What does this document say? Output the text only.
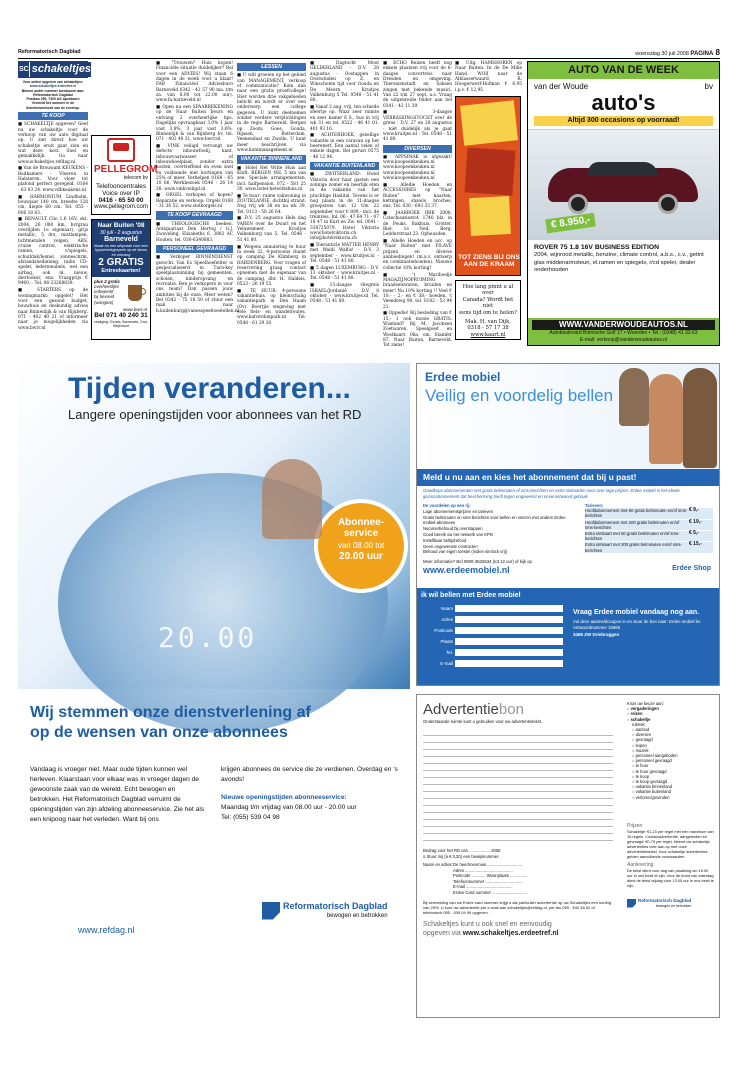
Reformatorisch Dagblad	woensdag 30 juli 2008 PAGINA 8
SC schakeltjes
Voor online opgeven van schakeltjes:
www.schakeltjes.erdeetref.nl
Binnen onder nummer toestuuren aan:
Reformatorisch Dagblad
Postbus 290, 7300 AG Apeldoorn
Vermeld het nummer in de linkerbovenhoek van de envelop.
TE KOOP

■ SCHAKELTJE opgeven? Geef nu uw schakeltje voor de verkoop van uw auto digitaal op. U ziet direct hoe uw schakeltje eruit gaat zien en wat deze kost. Snel en gemakkelijk. Ga naar www.schakeltjes.refdag.nl

■ Van de Brouwant KEUKENS - Badkamers - Vloeren in Halsteren. Voor vloer tot plafond perfect geregeld. 0164 - 63 03 24. www.vdbkeukens.nl

■ HARMONIUM Lindholm, bouwjaar 140 cm, breedte 128 cm, diepte 60 cm. Tel. 055 - 606 18 83.

■ RENAULT Clio 1.6 16V, okt. 2004, 26 000 km, bvrgrau overlijden 1e eigenaar), grijs metallic, 5 drs, mistlampen, lichtmetalen velgen, ABS, cruise control, elektrische ramen, v/spiegels, schuifdak/hemel, zonneschrm, afstandsbediening, radio CD-speler, ledermeubels, wel een airbag, ook nl. nieuw, dierlooker, enz. Vraagprijs € 9400,-. Tel. 06-23268639.

■ STARTERS op de woningmarkt: opgelet! Het voor een gezond budget, bouwhuis en deskundig advies naar Binnenlijk & van Rijnberg. 071 - 402 40 21 of informeer naar je mogelijkheden via www.bwrr.nl

PELLEGROM
telecom bv
Telefooncentrales
Voice over IP
0416 - 65 50 00
www.pellegrom.com
Naar Buiten '08
30 juli - 2 augustus
Barneveld
Maak nu een afspraak voor een hypotheekgesprek op de beurs en ontvang
2 GRATIS
Entreekaarten!
plus 2 gratis
overheerlijke
onbeperkt
bij bevreid
(wongea!)
www.bwrr.nl
Bel 071 40 240 31
vestiging: Gouda, Barneveld, Oud-Beijerland

■ "Trouwen? Huis kopen! Financiële situatie duidelijker? Bel voor een ADVIES! Wij staan 6 dagen in de week voor u klaar! FAB Financiëel Adviesburo Barneveld 0342 - 42 57 90 ma. t/m za. van 8.00 tot 22.00 uur). www.fa-barneveld.nl

■ Open nu een SPAARREKENING op de Naar Buiten beurs en ontvang 2 overheerlijke tips. Dagelijks opvraagbaar 3,0% 1 jaar vast 3,8%, 3 jaar vast 3,6%. Binnenlijk & van Rijnberg bv, tel. 071 - 402 40 31, www.bwrr.nl

■ VINK veiligd vervangt uw defecte inbouwfoelij, kant, inbouwvaatwasser of inbouwkoelplaat, zonder extra kosten, overtreffend en even snel en voldoende met kortingen van 25% of meer. Verhelpen 0168 - 65 10 66, Werkbezoek 0546 - 26 14 38. www.vinkveiligd.nl

■ ORGEL verkopen of kopen? Reparatie en verkoop: Orgels 0168 - 31 36 52. www.stolkorgels.nl

TE KOOP GEVRAAGD

■ THEOLOGISCHE boeken. Antiquariaat Den Hertog / G.J. Zwaveling, Elisabeths 6, 3882 AC Houten, tel. 030-6340883.

PERSONEEL GEVRAAGD

■ Verkoper BINNENDIENST gezocht. Van Es Speelhoefeliter is gespecialiseerd in Turn-key speelplaatsinning bij gemeenten, scholen, kinderopvang en recreatie. Ben je verkopers in voor ons team? Dan passen jouw ambities bij de onze. Meer weten? Bel 0342 - 75 18 50 of stuur een mail naar h.kuilenburg@vanesspeeltoestellen.nl

LESSEN

■ U wilt groeien op het gebied van MANAGEMENT, verkoop of communicatie? Kom dan naar een gratis proefcollege! Hier worden drie vakgebieden belicht en wordt er over een onderwerp een college gegeven. U kunt deelnemen zonder verdere verplichtingen in de regio Barneveld, Bergen op Zoom, Goes, Gouda, Rijssen, Rotterdam, Veenendaal en Zwolle. U kunt meer beschrijven via www.kuntmanagement.nl

VAKANTIE BINNENLAND

■ Hotel Het Witte Huis aan Kluft, BERGEN NH. 5 km van zee. Speciale arrangementen, incl. halfpension, 072 - 581 25 30. www.hotel-hetwittehuis.nl

■ Te huur: ruime vakwoning in ZOUTKLANDE, dichtbij strand. Nog vrij wk 38 en na wk 39. Tel. 0113 - 58 26 64.

■ D.V. 25 augustus Hele dag VAREN over de Dwarl en het Veluwemeer. Kruitjes Valkenburg van 5. Tel. 0546 - 51 41 80.

■ Wegens annulering te huur in week 32, 4-persoons chalet op camping De Klimberg in HARDENBERG. Voor vragen of reservering graag contact opnemen met de eigenaar van de camping, dhr. H. Haldeis, 0523 - 26 19 55.

■ TE HUUR: 4-persoons vakantiehuis, op kleinschalig vakantiepark in Den Haam (Ov). Boertjie omgeving met vele fiets- en wandelroutes. www.kalverdonpark.nl Tel. 0548 - 61 29 30

■ Dagtocht Moot GELDERLAND - D.V. 28 augustus - Oostappen in Oostwinden op Z. en Winschoten tijd voor Gouda en De Meern - Kruitjes Valkenburg 5 Tel. 0548 - 51 41 80.

■ Vanaf 3 aug. vrij, ten schiede sfeertje op. Waar zeer ruimte en zeer kamer 6 S., bus in vrij wk 31 en tel. 0522 - 46 41 01. 401 93 16.

■ ACHTERHOEK, gezellige vakantie in een caravan op het boerenerf. Een aantal velen of enkele dagen. Bel gerust 0575 - 46 12 94.

VAKANTIE BUITENLAND

■ ZWITSERLAND: Hotel Viktoria door haar gasten een zonnige zomer en heerlijk eten in de vakantie van het prachtige Haslital. Tevens is er nog plaats in de 11-daagse groepsreis van 12 t/m 22 september voor € 899,- incl. de treinreis. Inl. 06 - 47 64 71 - 07 18 47 in Kurt en Zw. tel. 0041 - 338725079. Hotel Viktoria www.hotelviktoria.ch info@hotelviktoria.ch

■ Toeranticle MATTER HENRY met Waldi Wallis! - D.V. 3 september - www.kruitjes.nl - Tel. 0548 - 51 41 80.

■ 5 dagen LUXEMBURG - D.V. 13 oktober - www.kruitjes.nl - Tel. 0548 - 51 41 80.

■ 15-daagse vliegreis ISRAEL/Jordanië - D.V. 8 oktober - www.kruitjes.nl Tel. 0548 - 51 41 80.

■ ECHO Reizen heeft nog enkele plaatsen vrij voor de 6-daagse concertreis naar Dresden en omgeving. Theresienstadt en Saksen zingen met bekende musici. Van 22 t/m 27 sept. a.s. Vraag de uitgebreide folder aan bel 0341 - 42 11 39.

■ 3-daagse VERRASSINGSTOCHT over de grens - D.V. 27 en 28 augustus - niet duidelijk als je gaat www.kruitjes.nl - Tel. 0548 - 51 41 80.

DIVERSEN

■ APPSPAAK is afgezakt! www.koopeenkeuken.nl www.koopeenkeuken.nl www.koopeenkeuken.nl www.koopeenkeuken.nl

■ Alledie Hoeden en ACCESSOIRES op "Naar Buiten" met kaarten, kettingen, shawls, broches, enz. Tel. 030 - 693 33 37.

■ JAARBOEK IBIK 2008, Catechisatiestof. 1740 blz. in de Peuks. Bakhuis, Grotter. Biet. 1e Ned. Berg. Ledderstraat 23. Opheusden.

■ Allelle Hoeden en acc. op "Naar Buiten" met FILAVE prijzen en diverse aanbiedingen! (m.u.v. ontwerp en combinatiehoeden). Nieuwe collectie 10% korting!

■ 't Mariboelje MAGAZIJNOPRUIMING braadselswaren, kruiden en meer! Nu 10% korting !! Veel € 10,- - 2,- en € 38,- hoeden. 't Veendewg 90, tel. 0182 - 53 94 21.

■ Oppedie! Bij besteding van € 15,- 1 ook mooie GRATIS. Wismind? Bij M. Jacobsen Zoetwaren, Speelgoed en Westkaart. 08a, om. Stamfer 87. Naar Buiten, Barneveld. Tot ziens!

■ Uitg. HAMSHOREN op Naar Buiten. In de De Mille Hand, WOII naar de Alblasserwaard, R. Hoogerwerf-Hofman € 6.95 i.p.v. € 12,95

TOT ZIENS BIJ ONS AAN DE KRAAM
Hoe lang pinnt u al over
Canada? Wordt het niet
eens tijd om te helen?
Mak. H. van Dijk,
0318 - 57 17 38
www.kaart.nl
AUTO VAN DE WEEK
van der Woude	bv
auto's
Altijd 300 occasions op voorraad!
€ 8.950,-
ROVER 75 1.8 16V BUSINESS EDITION
2004, wijnrood metallic, benzine, climate control, a.b.s., c.v., getint glas middenarmsteun, el.ramen en spiegels, r/cd speler, dealer onderhouden
WWW.VANDERWOUDEAUTOS.NL
Autoboulevard Botnische Golf 17 • Woerden • Tel.: (0348) 41 33 63
E-mail: verkoop@vanderwoudeautos.nl
Erdee mobiel
Veilig en voordelig bellen
Meld u nu aan en kies het abonnement dat bij u past!
Goedkope abonnementen met gratis belminuten of sms-berichten en extra sinkaarten voor over lage prijzen. Erdee mobiel is het ideale gezinsabonnement dat bescherming biedt tegen ongewenst en onverantwoord gebruik.
De voordelen op een rij:
Lage abonnementsprijzen en tarieven
Gratis belminuten en sms-berichten voor bellen en sms'en met andere Erdee mobiel-abonnees
Nummerbehoud bij overstappen
Goed bereik via het netwerk van KPN
Instellbaar beltijdrefond
Geen ongewenste contracten
Behoud van eigen toestel (indien simlock vrij)
Tarieven:
Hoofdabonnement met 50 gratis belminuten en/of sms-berichten
€ 9,-
Hoofdabonnement met 200 gratis belminuten en/of sms-berichten
€ 19,-
Extra simkaart met 50 gratis belminuten en/of sms-berichten
€ 5,-
Extra simkaart met 200 gratis belminuten en/of sms-berichten
€ 15,-
Meer informatie? Bel 0800-3532634 (tot 12 uur) of kijk op
www.erdeemobiel.nl	Erdee Shop
ik wil bellen met Erdee mobiel
Naam
Adres
Postcode
Plaats
Tel.
E-mail
Vraag Erdee mobiel vandaag nog aan.
Vul deze aanmeldcoupon in en stuur de bon naar: Erdee mobiel bv. Antwoordnummer 10669
3465 ZW Driebruggen
Tijden veranderen...
Langere openingstijden voor abonnees van het RD
20.00
Abonnee-
service
van 08.00 tot
20.00 uur
Wij stemmen onze dienstverlening af
op de wensen van onze abonnees
Vandaag is vroeger niet. Maar oude tijden kunnen wel herleven. Klaarstaan voor elkaar was in vroeger dagen de gewoonste zaak van de wereld. Echt bewogen en betrokken. Het Reformatorisch Dagblad verruimt de openingstijden van zijn afdeling abonneeservice. Zie het als een knipoog naar het verleden. Want bij ons
krijgen abonnees de service die ze verdienen. Overdag en 's avonds!
Nieuwe openingstijden abonneeservice:
Maandag t/m vrijdag van 08.00 uur - 20.00 uur
Tel: (055) 539 04 98
www.refdag.nl
Reformatorisch Dagblad
bewogen en betrokken
Advertentiebon
Onderstaande ruimte kunt u gebruiken voor uw advertentietekst.
Bedrag voor het RD van .................. 2008
o Stuur mij (à € 3,20) een bewijsnummer.
Naam en adres: De heer/mevrouw ..............................
Adres .........................................
Postcode ............ Woonplaats ...............
Telefoonnummer ................................
E-mail ........................................
Erdee Card nummer ..............................
Bij vermelding van uw Erdee card nummer krijgt u als particulier advertentie op uw Schakeltjes een korting van 25%. U kunt uw advertentie per e-mail aan schakeltjes@refdag.nl, per fax 055 - 542 48 02 of telefonisch 055 - 539 04 99 opgeven.
Schakeltjes kunt u ook snel en eenvoudig
opgeven via www.schakeltjes.erdeetref.nl
Kruis uw keuze aan:
○ vergaderingen
○ reizen
○ schakeltje
rubriek:
○ aanbod
○ diversen
○ gevraagd
○ kopen
○ muziek
○ personeel aangeboden
○ personeel gevraagd
○ te huur
○ te huur gevraagd
○ te koop
○ te koop gevraagd
○ vakantie binnenland
○ vakantie buitenland
○ verloren/gevonden
Prijzen
Schakeltje: €1,23 per regel met een maximum van 15 regels. Contactadvertentie, aangeboden en gevraagd: €0,79 per regel. Neemt uw schakeltje advertenties over aan op met onze advertentiebeleid. Voor schakeltje advertenties gelden aanvullende voorwaarden.
Aanlevering
De tekst dient voor dag van plaatsing om 15.00 uur in ons bezit te zijn. Voor de krant van zaterdag dient de tekst vrijdag voor 13.00 uur in ons bezit te zijn.
Reformatorisch Dagblad
bewogen en betrokken
